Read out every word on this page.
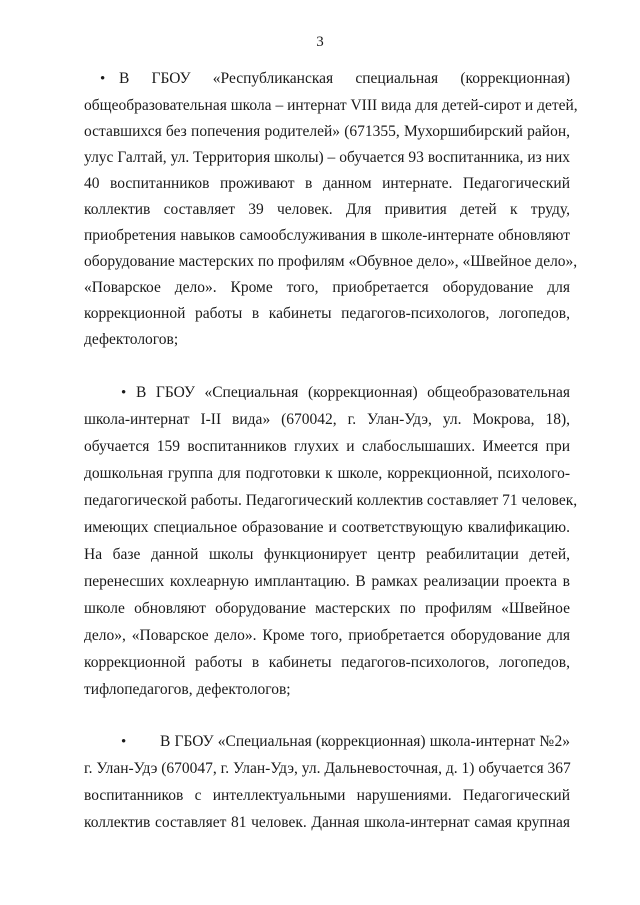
3
• В ГБОУ «Республиканская специальная (коррекционная)
общеобразовательная школа – интернат VIII вида для детей-сирот и детей,
оставшихся без попечения родителей» (671355, Мухоршибирский район,
улус Галтай, ул. Территория школы) – обучается 93 воспитанника, из них
40 воспитанников проживают в данном интернате. Педагогический
коллектив составляет 39 человек. Для привития детей к труду,
приобретения навыков самообслуживания в школе-интернате обновляют
оборудование мастерских по профилям «Обувное дело», «Швейное дело»,
«Поварское дело». Кроме того, приобретается оборудование для
коррекционной работы в кабинеты педагогов-психологов, логопедов,
дефектологов;
• В ГБОУ «Специальная (коррекционная) общеобразовательная
школа-интернат I-II вида» (670042, г. Улан-Удэ, ул. Мокрова, 18),
обучается 159 воспитанников глухих и слабослышаших. Имеется при
дошкольная группа для подготовки к школе, коррекционной, психолого-
педагогической работы. Педагогический коллектив составляет 71 человек,
имеющих специальное образование и соответствующую квалификацию.
На базе данной школы функционирует центр реабилитации детей,
перенесших кохлеарную имплантацию. В рамках реализации проекта в
школе обновляют оборудование мастерских по профилям «Швейное
дело», «Поварское дело». Кроме того, приобретается оборудование для
коррекционной работы в кабинеты педагогов-психологов, логопедов,
тифлопедагогов, дефектологов;
• В ГБОУ «Специальная (коррекционная) школа-интернат №2»
г. Улан-Удэ (670047, г. Улан-Удэ, ул. Дальневосточная, д. 1) обучается 367
воспитанников с интеллектуальными нарушениями. Педагогический
коллектив составляет 81 человек. Данная школа-интернат самая крупная
